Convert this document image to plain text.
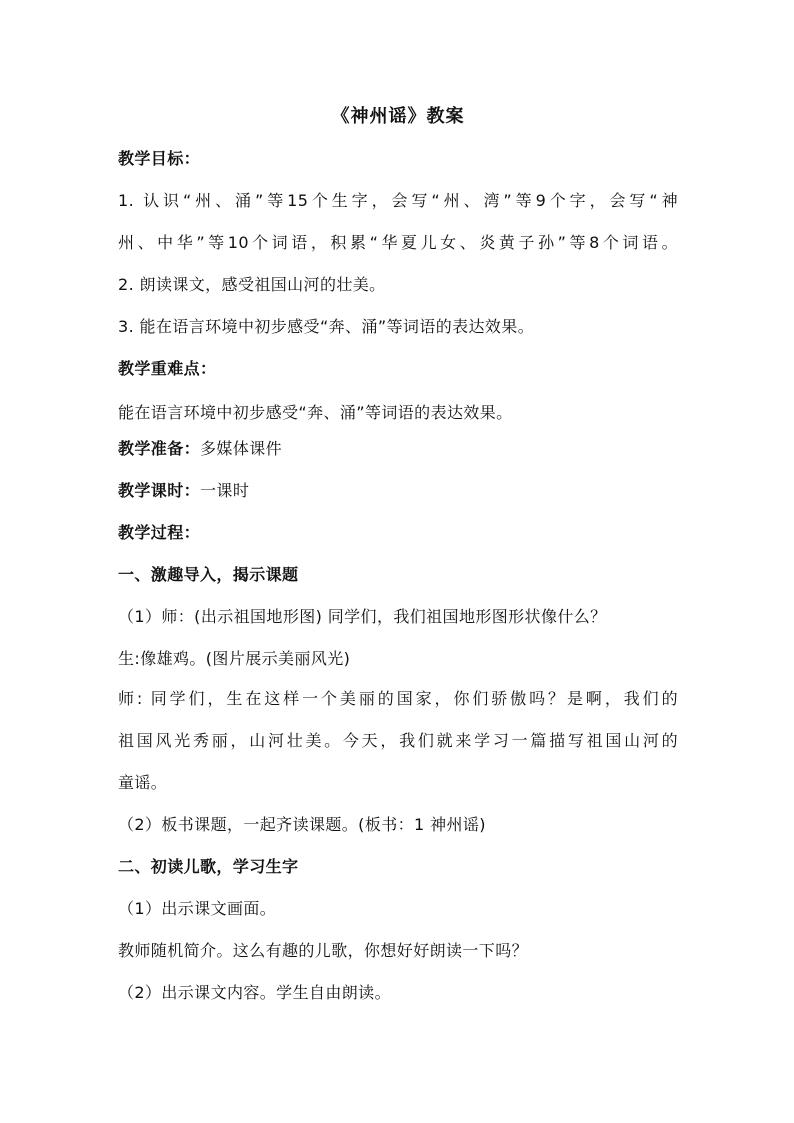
《神州谣》教案
教学目标：
1. 认识“州、涌”等15个生字，会写“州、湾”等9个字，会写“神
州、中华”等10个词语，积累“华夏儿女、炎黄子孙”等8个词语。
2. 朗读课文，感受祖国山河的壮美。
3. 能在语言环境中初步感受“奔、涌”等词语的表达效果。
教学重难点：
能在语言环境中初步感受“奔、涌”等词语的表达效果。
教学准备：多媒体课件
教学课时：一课时
教学过程：
一、激趣导入，揭示课题
（1）师：(出示祖国地形图) 同学们，我们祖国地形图形状像什么？
生:像雄鸡。(图片展示美丽风光)
师: 同学们，生在这样一个美丽的国家，你们骄傲吗？是啊，我们的
祖国风光秀丽，山河壮美。今天，我们就来学习一篇描写祖国山河的
童谣。
（2）板书课题，一起齐读课题。(板书：1 神州谣)
二、初读儿歌，学习生字
（1）出示课文画面。
教师随机简介。这么有趣的儿歌，你想好好朗读一下吗？
（2）出示课文内容。学生自由朗读。
